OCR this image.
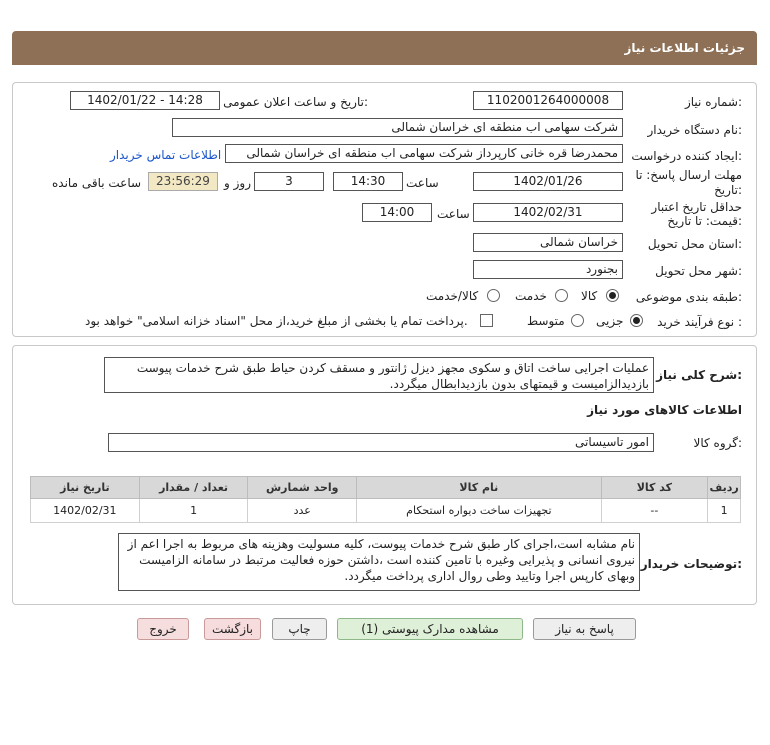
جزئیات اطلاعات نیاز
شماره نیاز:
1102001264000008
تاریخ و ساعت اعلان عمومی:
1402/01/22 - 14:28
نام دستگاه خریدار:
شرکت سهامی اب منطقه ای خراسان شمالی
ایجاد کننده درخواست:
محمدرضا قره خانی کارپرداز شرکت سهامی اب منطقه ای خراسان شمالی
اطلاعات تماس خریدار
مهلت ارسال پاسخ: تا
تاریخ:
1402/01/26
ساعت
14:30
3
روز و
23:56:29
ساعت باقی مانده
حداقل تاریخ اعتبار
قیمت: تا تاریخ:
1402/02/31
ساعت
14:00
استان محل تحویل:
خراسان شمالی
شهر محل تحویل:
بجنورد
طبقه بندی موضوعی:
کالا
خدمت
کالا/خدمت
نوع فرآیند خرید :
جزیی
متوسط
پرداخت تمام یا بخشی از مبلغ خرید،از محل "اسناد خزانه اسلامی" خواهد بود.
شرح کلی نیاز:
عملیات اجرایی ساخت اتاق و سکوی مجهز دیزل ژانتور و مسقف کردن حیاط طبق شرح خدمات پیوست بازدیدالزامیست و قیمتهای بدون بازدیدابطال میگردد.
اطلاعات کالاهای مورد نیاز
گروه کالا:
امور تاسیساتی
ردیف	کد کالا	نام کالا	واحد شمارش	تعداد / مقدار	تاریخ نیاز
1	--	تجهیزات ساخت دیواره استحکام	عدد	1	1402/02/31
توضیحات خریدار:
نام مشابه است،اجرای کار طبق شرح خدمات پیوست، کلیه مسولیت وهزینه های مربوط به اجرا اعم از نیروی انسانی و پذیرایی وغیره با تامین کننده است ،داشتن حوزه فعالیت مرتبط در سامانه الزامیست وبهای کارپس اجرا وتایید وطی روال اداری پرداخت میگردد.
پاسخ به نیاز
مشاهده مدارک پیوستی (1)
چاپ
بازگشت
خروج
